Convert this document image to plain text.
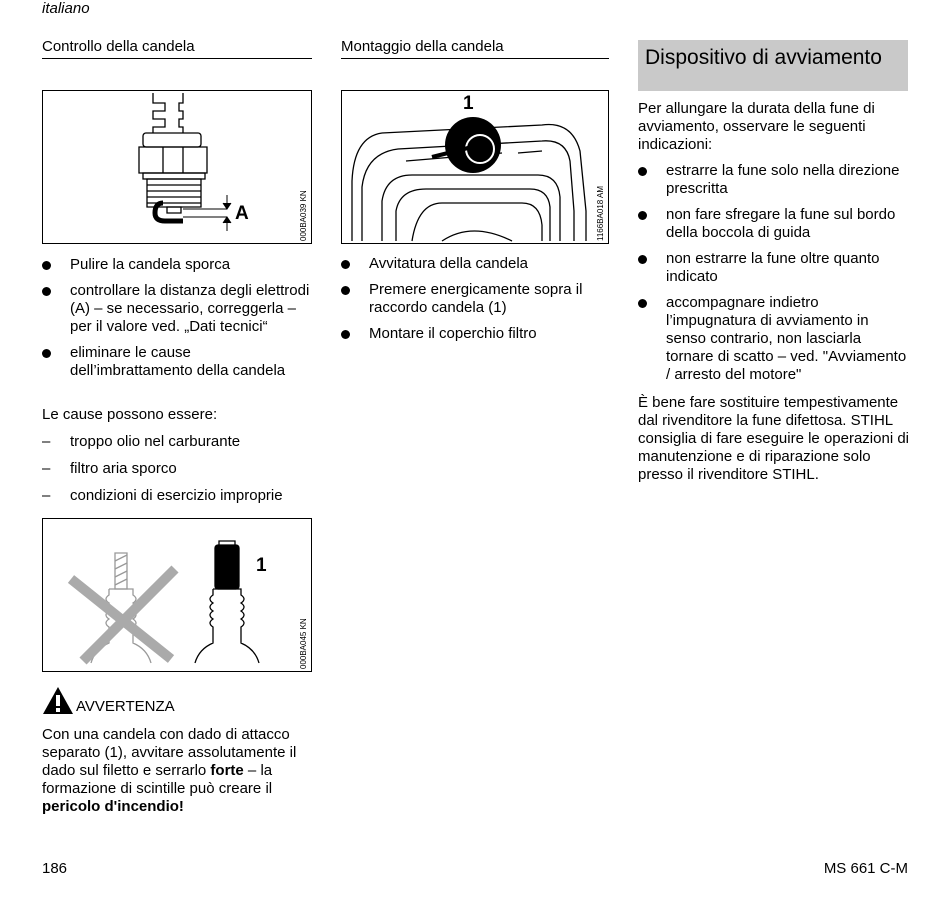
italiano
Controllo della candela
A	000BA039 KN
Pulire la candela sporca
controllare la distanza degli elettrodi (A) – se necessario, correggerla – per il valore ved. „Dati tecnici“
eliminare le cause dell’imbrattamento della candela

Le cause possono essere:

–	troppo olio nel carburante
–	filtro aria sporco
–	condizioni di esercizio improprie
1
000BA045 KN
AVVERTENZA

Con una candela con dado di attacco separato (1), avvitare assolutamente il dado sul filetto e serrarlo forte – la formazione di scintille può creare il pericolo d'incendio!

Montaggio della candela
1
1166BA018 AM
Avvitatura della candela
Premere energicamente sopra il raccordo candela (1)
Montare il coperchio filtro
Dispositivo di avviamento

Per allungare la durata della fune di avviamento, osservare le seguenti indicazioni:

estrarre la fune solo nella direzione prescritta
non fare sfregare la fune sul bordo della boccola di guida
non estrarre la fune oltre quanto indicato
accompagnare indietro l’impugnatura di avviamento in senso contrario, non lasciarla tornare di scatto – ved. "Avviamento / arresto del motore"

È bene fare sostituire tempestivamente dal rivenditore la fune difettosa. STIHL consiglia di fare eseguire le operazioni di manutenzione e di riparazione solo presso il rivenditore STIHL.

186	MS 661 C-M
